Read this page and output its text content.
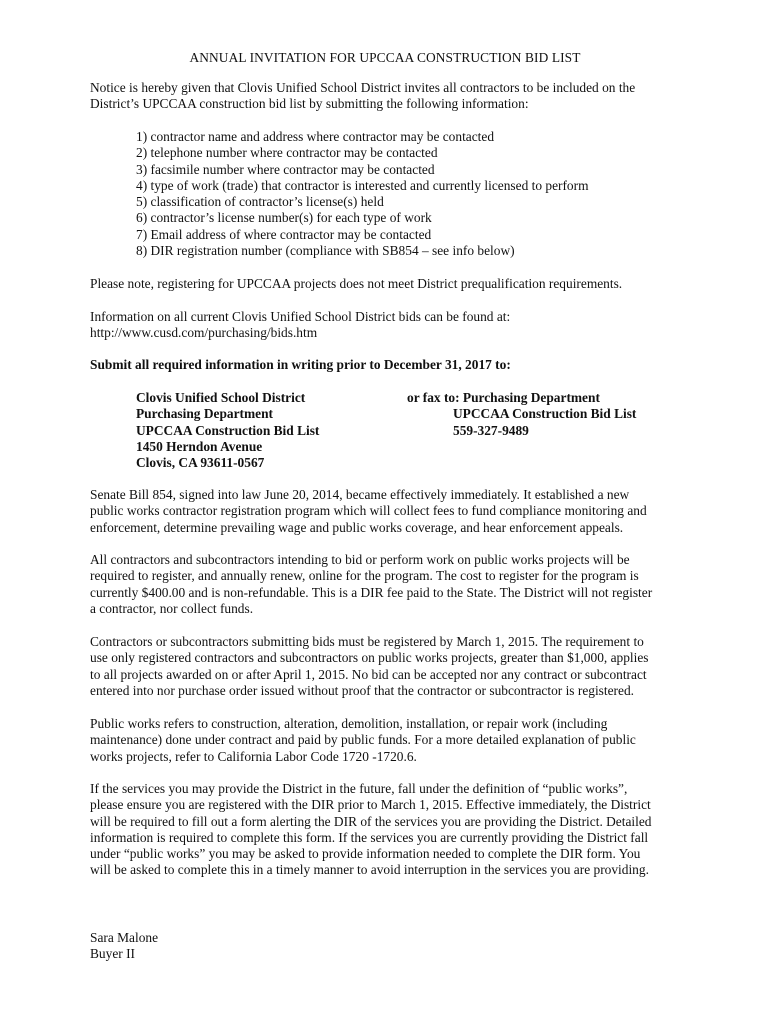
ANNUAL INVITATION FOR UPCCAA CONSTRUCTION BID LIST

Notice is hereby given that Clovis Unified School District invites all contractors to be included on the
District’s UPCCAA construction bid list by submitting the following information:

1) contractor name and address where contractor may be contacted
2) telephone number where contractor may be contacted
3) facsimile number where contractor may be contacted
4) type of work (trade) that contractor is interested and currently licensed to perform
5) classification of contractor’s license(s) held
6) contractor’s license number(s) for each type of work
7) Email address of where contractor may be contacted
8) DIR registration number (compliance with SB854 – see info below)

Please note, registering for UPCCAA projects does not meet District prequalification requirements.

Information on all current Clovis Unified School District bids can be found at:
http://www.cusd.com/purchasing/bids.htm
Submit all required information in writing prior to December 31, 2017 to:
Clovis Unified School District
Purchasing Department
UPCCAA Construction Bid List
1450 Herndon Avenue
Clovis, CA 93611-0567
or fax to: Purchasing Department
UPCCAA Construction Bid List
559-327-9489

Senate Bill 854, signed into law June 20, 2014, became effectively immediately. It established a new
public works contractor registration program which will collect fees to fund compliance monitoring and
enforcement, determine prevailing wage and public works coverage, and hear enforcement appeals.

All contractors and subcontractors intending to bid or perform work on public works projects will be
required to register, and annually renew, online for the program. The cost to register for the program is
currently $400.00 and is non-refundable. This is a DIR fee paid to the State. The District will not register
a contractor, nor collect funds.

Contractors or subcontractors submitting bids must be registered by March 1, 2015. The requirement to
use only registered contractors and subcontractors on public works projects, greater than $1,000, applies
to all projects awarded on or after April 1, 2015. No bid can be accepted nor any contract or subcontract
entered into nor purchase order issued without proof that the contractor or subcontractor is registered.

Public works refers to construction, alteration, demolition, installation, or repair work (including
maintenance) done under contract and paid by public funds. For a more detailed explanation of public
works projects, refer to California Labor Code 1720 -1720.6.

If the services you may provide the District in the future, fall under the definition of “public works”,
please ensure you are registered with the DIR prior to March 1, 2015. Effective immediately, the District
will be required to fill out a form alerting the DIR of the services you are providing the District. Detailed
information is required to complete this form. If the services you are currently providing the District fall
under “public works” you may be asked to provide information needed to complete the DIR form. You
will be asked to complete this in a timely manner to avoid interruption in the services you are providing.

Sara Malone
Buyer II
